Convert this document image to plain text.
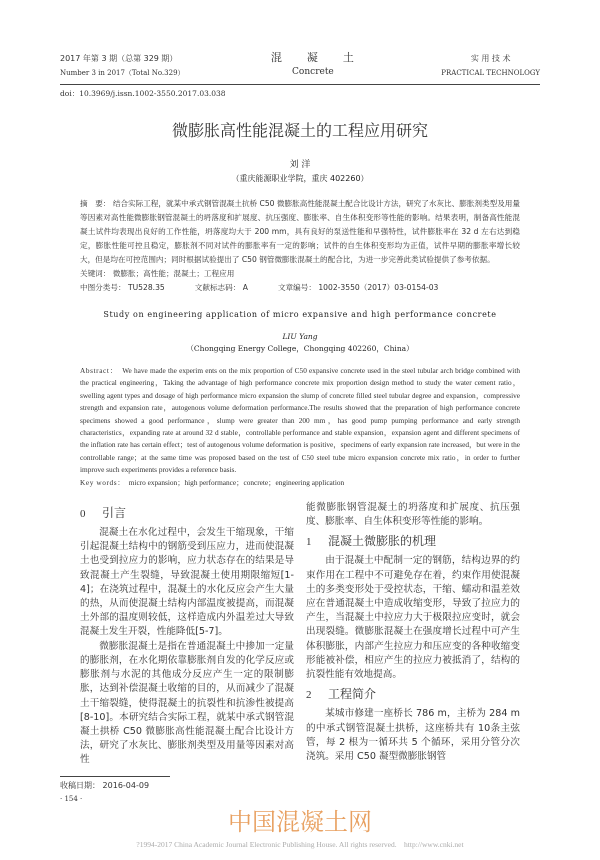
2017 年第 3 期（总第 329 期）
Number 3 in 2017（Total No.329）
混　　凝　　土
Concrete
实 用 技 术
PRACTICAL TECHNOLOGY
doi：10.3969/j.issn.1002-3550.2017.03.038
微膨胀高性能混凝土的工程应用研究
刘 洋
（重庆能源职业学院，重庆 402260）
摘　要： 结合实际工程，就某中承式钢管混凝土抗桥 C50 微膨胀高性能混凝土配合比设计方法，研究了水灰比、膨胀剂类型及用量等因素对高性能微膨胀钢管混凝土的坍落度和扩展度、抗压强度、膨胀率、自生体积变形等性能的影响。结果表明，制备高性能混凝土试件均表现出良好的工作性能，坍落度均大于 200 mm，具有良好的泵送性能和早强特性，试件膨胀率在 32 d 左右达到稳定，膨胀性能可控且稳定，膨胀剂不同对试件的膨胀率有一定的影响；试件的自生体积变形均为正值，试件早期的膨胀率增长较大，但是均在可控范围内；同时根据试验提出了 C50 钢管微膨胀混凝土的配合比，为进一步完善此类试验提供了参考依据。
关键词： 微膨胀；高性能；混凝土；工程应用
中图分类号： TU528.35	文献标志码： A	文章编号： 1002-3550（2017）03-0154-03
Study on engineering application of micro expansive and high performance concrete
LIU Yang
（Chongqing Energy College，Chongqing 402260，China）
Abstract：　 We have made the experim ents on the mix proportion of C50 expansive concrete used in the steel tubular arch bridge combined with the practical engineering，Taking the advantage of high performance concrete mix proportion design method to study the water cement ratio，swelling agent types and dosage of high performance micro expansion the slump of concrete filled steel tubular degree and expansion，compressive strength and expansion rate，autogenous volume deformation performance.The results showed that the preparation of high performance concrete specimens showed a good performance，slump were greater than 200 mm，has good pump pumping performance and early strength characteristics，expanding rate at around 32 d stable，controllable performance and stable expansion，expansion agent and different specimens of the inflation rate has certain effect；test of autogenous volume deformation is positive，specimens of early expansion rate increased，but were in the controllable range；at the same time was proposed based on the test of C50 steel tube micro expansion concrete mix ratio，in order to further improve such experiments provides a reference basis.
Key words：　 micro expansion；high performance；concrete；engineering application
0 引言

混凝土在水化过程中，会发生干缩现象，干缩引起混凝土结构中的钢筋受到压应力，进而使混凝土也受到拉应力的影响，应力状态存在的结果是导致混凝土产生裂缝，导致混凝土使用期限缩短[1-4]；在浇筑过程中，混凝土的水化反应会产生大量的热，从而使混凝土结构内部温度被提高，而混凝土外部的温度则较低，这样造成内外温差过大导致混凝土发生开裂，性能降低[5-7]。

微膨胀混凝土是指在普通混凝土中掺加一定量的膨胀剂，在水化期依靠膨胀剂自发的化学反应或膨胀剂与水泥的其他成分反应产生一定的限制膨胀，达到补偿混凝土收缩的目的，从而减少了混凝土干缩裂缝，使得混凝土的抗裂性和抗渗性被提高[8-10]。本研究结合实际工程，就某中承式钢管混凝土拱桥 C50 微膨胀高性能混凝土配合比设计方法，研究了水灰比、膨胀剂类型及用量等因素对高性

能微膨胀钢管混凝土的坍落度和扩展度、抗压强度、膨胀率、自生体积变形等性能的影响。
1 混凝土微膨胀的机理

由于混凝土中配制一定的钢筋，结构边界的约束作用在工程中不可避免存在着，约束作用使混凝土的多类变形处于受控状态，干缩、蠕动和温差效应在普通混凝土中造成收缩变形，导致了拉应力的产生，当混凝土中拉应力大于极限拉应变时，就会出现裂缝。微膨胀混凝土在强度增长过程中可产生体积膨胀，内部产生拉应力和压应变的各种收缩变形能被补偿，相应产生的拉应力被抵消了，结构的抗裂性能有效地提高。

2 工程简介

某城市修建一座桥长 786 m，主桥为 284 m 的中承式钢管混凝土拱桥，这座桥共有 10条主弦管，每 2 根为一循环共 5 个循环，采用分管分次浇筑。采用 C50 凝型微膨胀钢管

收稿日期： 2016-04-09
· 154 ·
中国混凝土网
?1994-2017 China Academic Journal Electronic Publishing House. All rights reserved.　http://www.cnki.net
